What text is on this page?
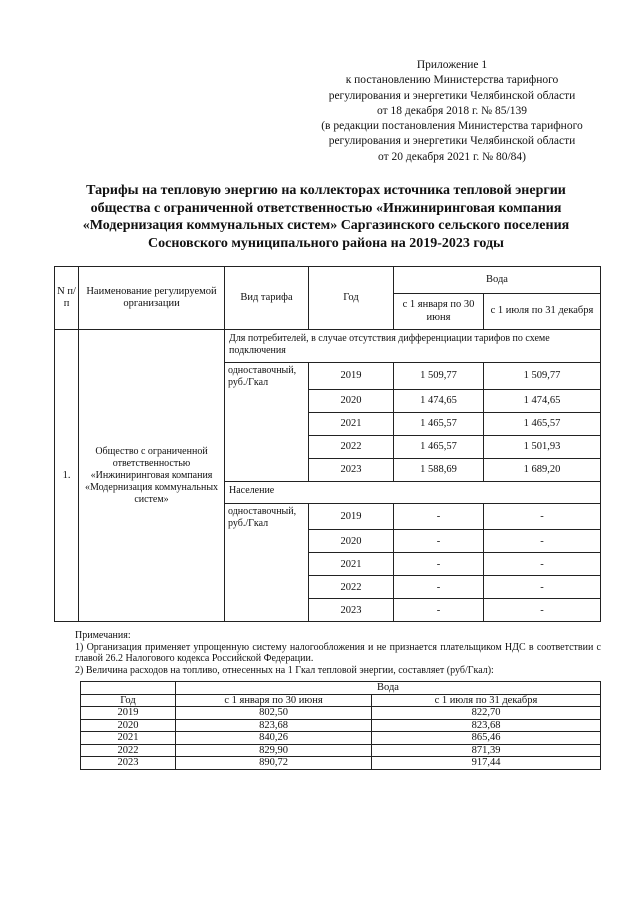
Приложение 1
к постановлению Министерства тарифного
регулирования и энергетики Челябинской области
от 18 декабря 2018 г. № 85/139
(в редакции постановления Министерства тарифного
регулирования и энергетики Челябинской области
от 20 декабря 2021 г. № 80/84)
Тарифы на тепловую энергию на коллекторах источника тепловой энергии
общества с ограниченной ответственностью «Инжиниринговая компания
«Модернизация коммунальных систем» Саргазинского сельского поселения
Сосновского муниципального района на 2019-2023 годы
N п/п	Наименование регулируемой организации	Вид тарифа	Год	Вода	
				с 1 января по 30 июня	с 1 июля по 31 декабря
1.	Общество с ограниченной ответственностью «Инжиниринговая компания «Модернизация коммунальных систем»	Для потребителей, в случае отсутствия дифференциации тарифов по схеме подключения			
		одноставочный, руб./Гкал	2019	1 509,77	1 509,77
			2020	1 474,65	1 474,65
			2021	1 465,57	1 465,57
			2022	1 465,57	1 501,93
			2023	1 588,69	1 689,20
		Население			
		одноставочный, руб./Гкал	2019	-	-
			2020	-	-
			2021	-	-
			2022	-	-
			2023	-	-
Примечания:
1) Организация применяет упрощенную систему налогообложения и не признается плательщиком НДС в соответствии с главой 26.2 Налогового кодекса Российской Федерации.
2) Величина расходов на топливо, отнесенных на 1 Гкал тепловой энергии, составляет (руб/Гкал):
	Вода	
Год	с 1 января по 30 июня	с 1 июля по 31 декабря
2019	802,50	822,70
2020	823,68	823,68
2021	840,26	865,46
2022	829,90	871,39
2023	890,72	917,44
